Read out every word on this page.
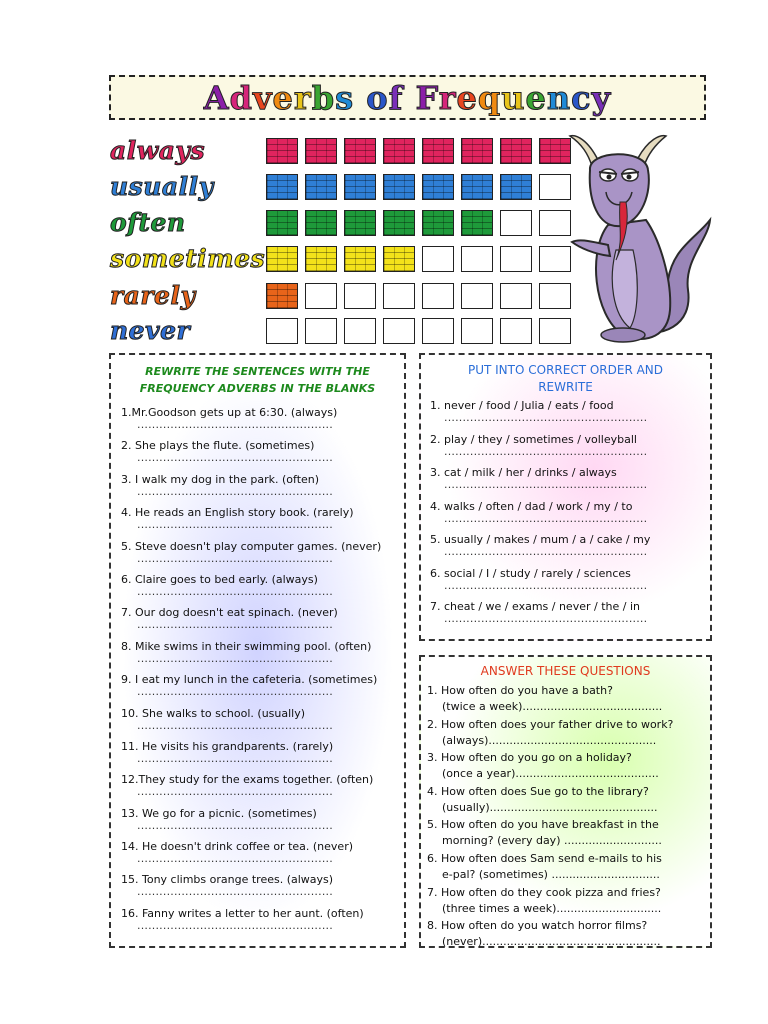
Adverbs of Frequency
always
usually
often
sometimes
rarely
never
REWRITE THE SENTENCES WITH THE FREQUENCY ADVERBS IN THE BLANKS
1.Mr.Goodson gets up at 6:30. (always)
.....................................................
2. She plays the flute. (sometimes)
.....................................................
3. I walk my dog in the park. (often)
.....................................................
4. He reads an English story book. (rarely)
.....................................................
5. Steve doesn't play computer games. (never)
.....................................................
6. Claire goes to bed early. (always)
.....................................................
7. Our dog doesn't eat spinach. (never)
.....................................................
8. Mike swims in their swimming pool. (often)
.....................................................
9. I eat my lunch in the cafeteria. (sometimes)
.....................................................
10. She walks to school. (usually)
.....................................................
11. He visits his grandparents. (rarely)
.....................................................
12.They study for the exams together. (often)
.....................................................
13. We go for a picnic. (sometimes)
.....................................................
14. He doesn't drink coffee or tea. (never)
.....................................................
15. Tony climbs orange trees. (always)
.....................................................
16. Fanny writes a letter to her aunt. (often)
.....................................................
PUT INTO CORRECT ORDER AND REWRITE
1. never / food / Julia / eats / food
.......................................................
2. play / they / sometimes / volleyball
.......................................................
3. cat / milk / her / drinks / always
.......................................................
4. walks / often / dad / work / my / to
.......................................................
5. usually / makes / mum / a / cake / my
.......................................................
6. social / I / study / rarely / sciences
.......................................................
7. cheat / we / exams / never / the / in
.......................................................
ANSWER THESE QUESTIONS
1. How often do you have a bath?
(twice a week)........................................
2. How often does your father drive to work?
(always)................................................
3. How often do you go on a holiday?
(once a year).........................................
4. How often does Sue go to the library?
(usually)................................................
5. How often do you have breakfast in the
morning? (every day) ............................
6. How often does Sam send e-mails to his
e-pal? (sometimes) ...............................
7. How often do they cook pizza and fries?
(three times a week)..............................
8. How often do you watch horror films?
(never)...................................................
